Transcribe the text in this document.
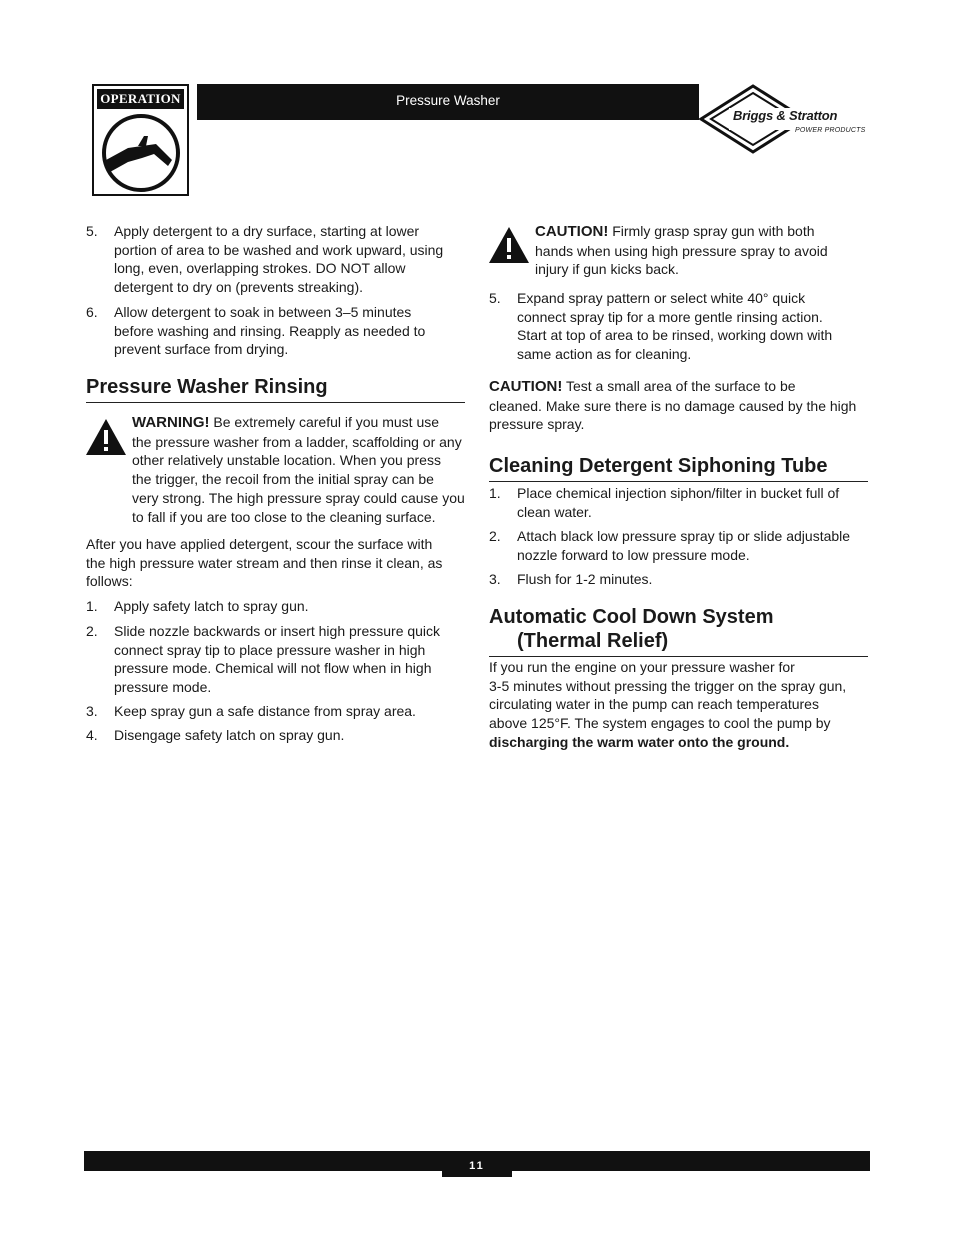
OPERATION	Pressure Washer
Briggs & Stratton
POWER PRODUCTS
5. Apply detergent to a dry surface, starting at lower
portion of area to be washed and work upward, using
long, even, overlapping strokes. DO NOT allow
detergent to dry on (prevents streaking).
6. Allow detergent to soak in between 3–5 minutes
before washing and rinsing. Reapply as needed to
prevent surface from drying.
Pressure Washer Rinsing
WARNING! Be extremely careful if you must use
the pressure washer from a ladder, scaffolding or any
other relatively unstable location. When you press
the trigger, the recoil from the initial spray can be
very strong. The high pressure spray could cause you
to fall if you are too close to the cleaning surface.
After you have applied detergent, scour the surface with
the high pressure water stream and then rinse it clean, as
follows:
1. Apply safety latch to spray gun.
2. Slide nozzle backwards or insert high pressure quick
connect spray tip to place pressure washer in high
pressure mode. Chemical will not flow when in high
pressure mode.
3. Keep spray gun a safe distance from spray area.
4. Disengage safety latch on spray gun.
CAUTION! Firmly grasp spray gun with both
hands when using high pressure spray to avoid
injury if gun kicks back.
5. Expand spray pattern or select white 40° quick
connect spray tip for a more gentle rinsing action.
Start at top of area to be rinsed, working down with
same action as for cleaning.
CAUTION! Test a small area of the surface to be
cleaned. Make sure there is no damage caused by the high
pressure spray.
Cleaning Detergent Siphoning Tube
1. Place chemical injection siphon/filter in bucket full of
clean water.
2. Attach black low pressure spray tip or slide adjustable
nozzle forward to low pressure mode.
3. Flush for 1-2 minutes.
Automatic Cool Down System
(Thermal Relief)
If you run the engine on your pressure washer for
3-5 minutes without pressing the trigger on the spray gun,
circulating water in the pump can reach temperatures
above 125°F. The system engages to cool the pump by
discharging the warm water onto the ground.
11
